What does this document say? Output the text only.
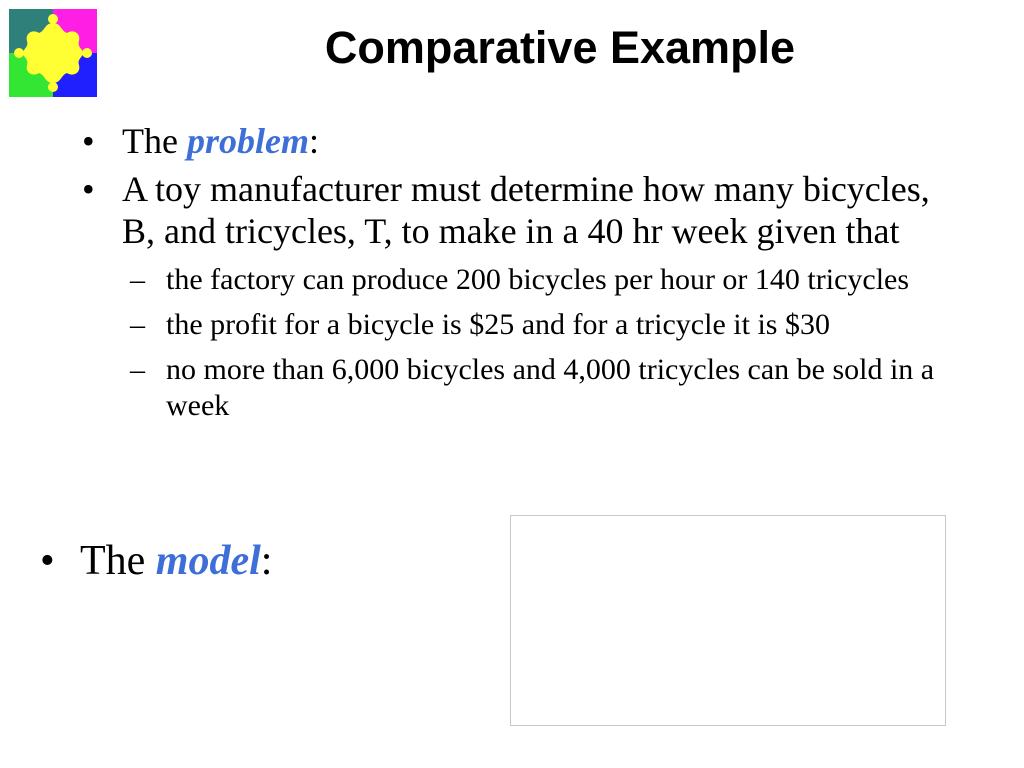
Comparative Example
• The problem:
• A toy manufacturer must determine how many bicycles, B, and tricycles, T, to make in a 40 hr week given that
– the factory can produce 200 bicycles per hour or 140 tricycles
– the profit for a bicycle is $25 and for a tricycle it is $30
– no more than 6,000 bicycles and 4,000 tricycles can be sold in a week
• The model:
